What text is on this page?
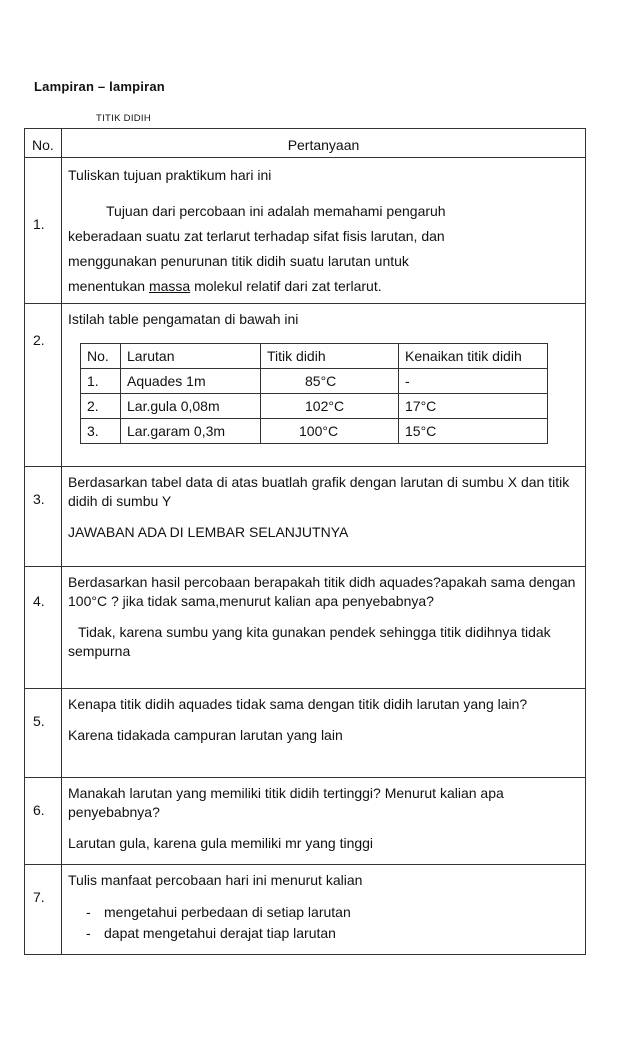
Lampiran – lampiran
TITIK DIDIH
No.	Pertanyaan

1.

Tuliskan tujuan praktikum hari ini
Tujuan dari percobaan ini adalah memahami pengaruh
keberadaan suatu zat terlarut terhadap sifat fisis larutan, dan
menggunakan penurunan titik didih suatu larutan untuk
menentukan massa molekul relatif dari zat terlarut.

2.

Istilah table pengamatan di bawah ini
No.	Larutan	Titik didih	Kenaikan titik didih
1.	Aquades 1m	85°C	-
2.	Lar.gula 0,08m	102°C	17°C
3.	Lar.garam 0,3m	100°C	15°C

3.

Berdasarkan tabel data di atas buatlah grafik dengan larutan di sumbu X dan titik didih di sumbu Y
JAWABAN ADA DI LEMBAR SELANJUTNYA

4.

Berdasarkan hasil percobaan berapakah titik didh aquades?apakah sama dengan 100°C ? jika tidak sama,menurut kalian apa penyebabnya?
Tidak, karena sumbu yang kita gunakan pendek sehingga titik didihnya tidak sempurna

5.

Kenapa titik didih aquades tidak sama dengan titik didih larutan yang lain?
Karena tidakada campuran larutan yang lain

6.

Manakah larutan yang memiliki titik didih tertinggi? Menurut kalian apa penyebabnya?
Larutan gula, karena gula memiliki mr yang tinggi

7.

Tulis manfaat percobaan hari ini menurut kalian
- mengetahui perbedaan di setiap larutan
- dapat mengetahui derajat tiap larutan
